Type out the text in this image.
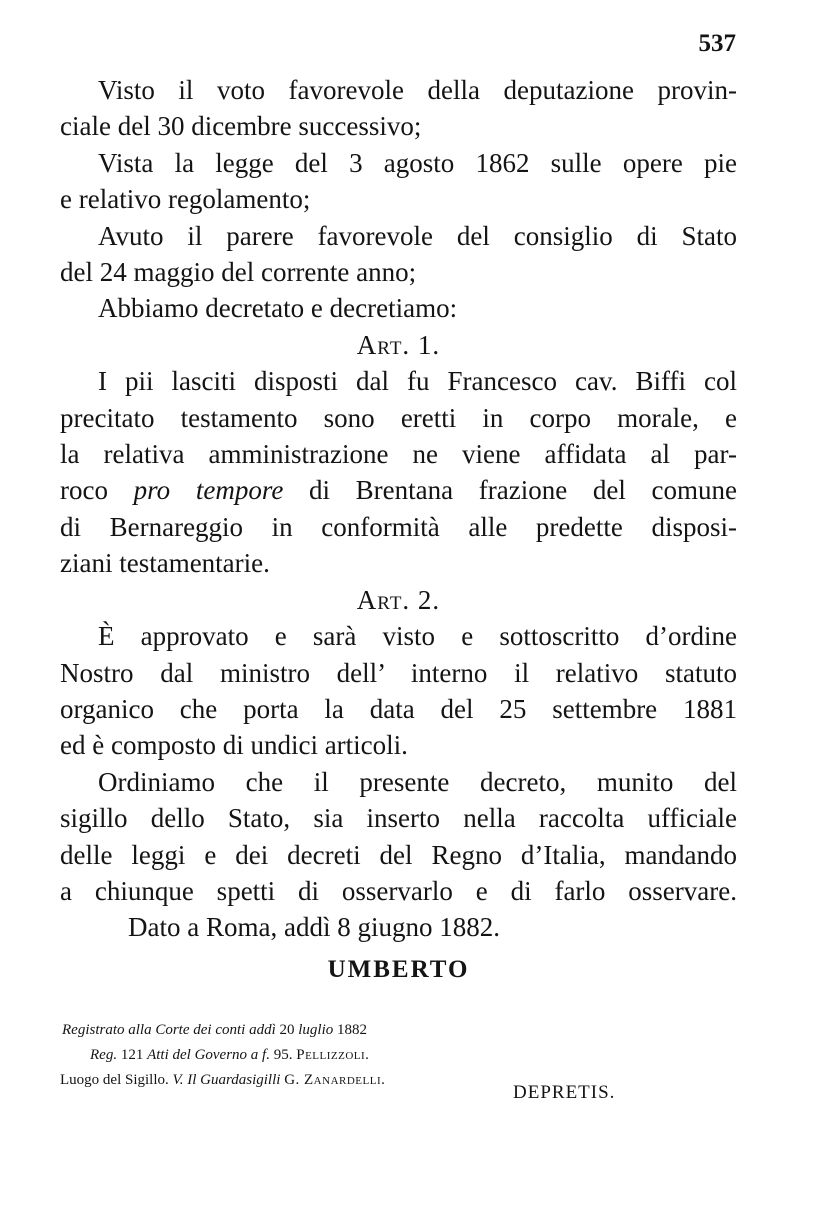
537
Visto il voto favorevole della deputazione provin-
ciale del 30 dicembre successivo;
Vista la legge del 3 agosto 1862 sulle opere pie
e relativo regolamento;
Avuto il parere favorevole del consiglio di Stato
del 24 maggio del corrente anno;
Abbiamo decretato e decretiamo:
Art. 1.
I pii lasciti disposti dal fu Francesco cav. Biffi col
precitato testamento sono eretti in corpo morale, e
la relativa amministrazione ne viene affidata al par-
roco pro tempore di Brentana frazione del comune
di Bernareggio in conformità alle predette disposi-
ziani testamentarie.
Art. 2.
È approvato e sarà visto e sottoscritto d’ordine
Nostro dal ministro dell’ interno il relativo statuto
organico che porta la data del 25 settembre 1881
ed è composto di undici articoli.
Ordiniamo che il presente decreto, munito del
sigillo dello Stato, sia inserto nella raccolta ufficiale
delle leggi e dei decreti del Regno d’Italia, mandando
a chiunque spetti di osservarlo e di farlo osservare.
Dato a Roma, addì 8 giugno 1882.
UMBERTO
Registrato alla Corte dei conti addì 20 luglio 1882
Reg. 121 Atti del Governo a f. 95. Pellizzoli.
Luogo del Sigillo. V. Il Guardasigilli G. Zanardelli.
DEPRETIS.
